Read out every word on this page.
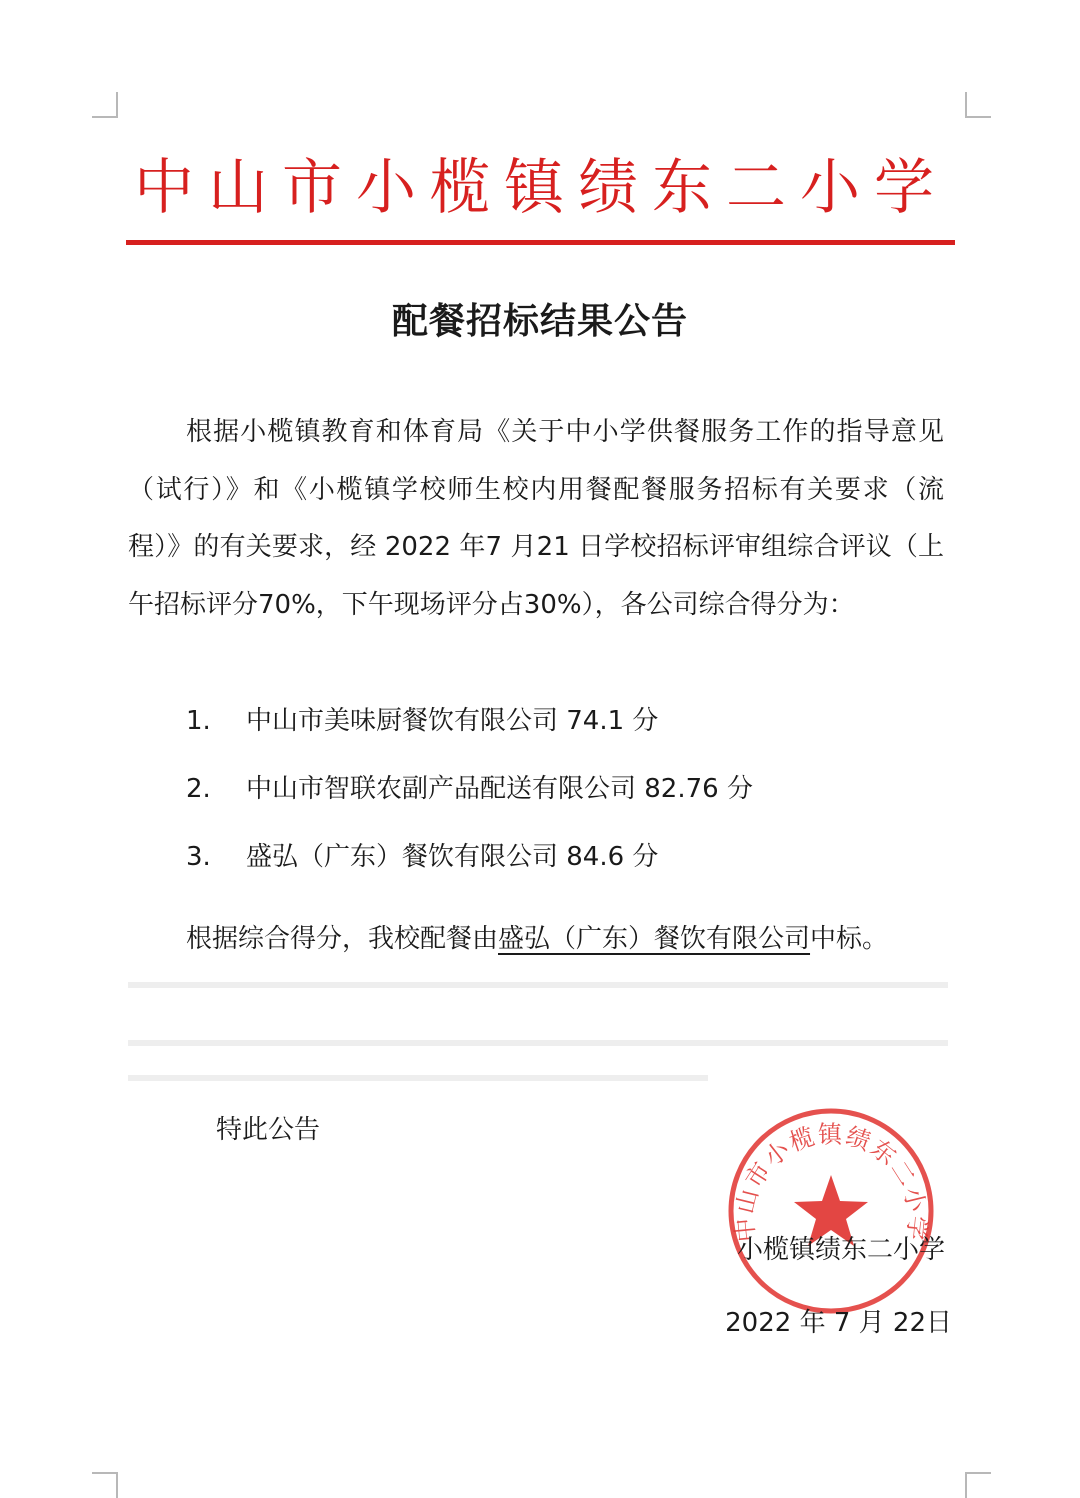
中山市小榄镇绩东二小学
配餐招标结果公告

根据小榄镇教育和体育局《关于中小学供餐服务工作的指导意见（试行）》和《小榄镇学校师生校内用餐配餐服务招标有关要求（流程）》的有关要求，经 2022 年7 月21 日学校招标评审组综合评议（上午招标评分70%，下午现场评分占30%），各公司综合得分为：

1. 中山市美味厨餐饮有限公司 74.1 分
2. 中山市智联农副产品配送有限公司 82.76 分
3. 盛弘（广东）餐饮有限公司 84.6 分
根据综合得分，我校配餐由盛弘（广东）餐饮有限公司中标。
特此公告
中山市小榄镇绩东二小学
小榄镇绩东二小学
2022 年 7 月 22日
